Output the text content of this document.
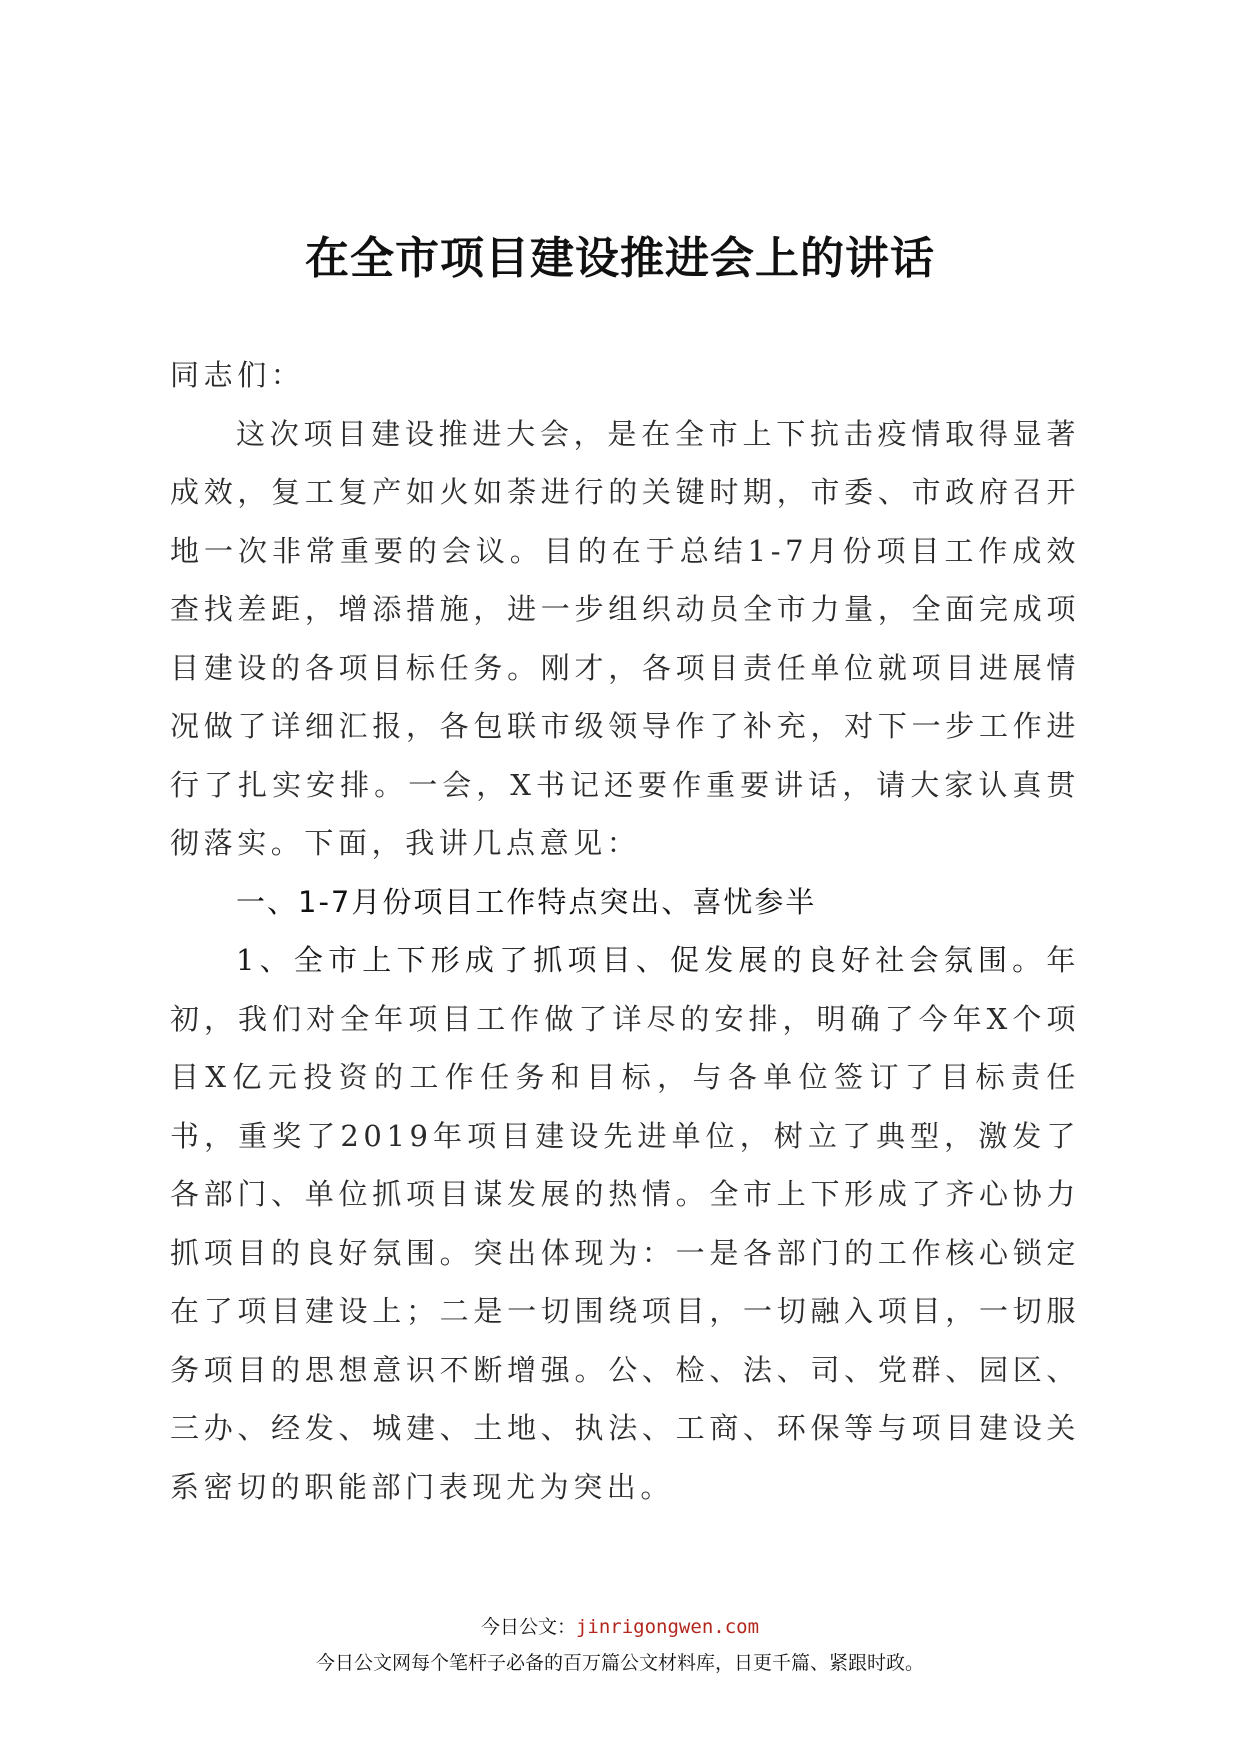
在全市项目建设推进会上的讲话

同志们：

这次项目建设推进大会，是在全市上下抗击疫情取得显著成效，复工复产如火如荼进行的关键时期，市委、市政府召开地一次非常重要的会议。目的在于总结1-7月份项目工作成效查找差距，增添措施，进一步组织动员全市力量，全面完成项目建设的各项目标任务。刚才，各项目责任单位就项目进展情况做了详细汇报，各包联市级领导作了补充，对下一步工作进行了扎实安排。一会，X书记还要作重要讲话，请大家认真贯彻落实。下面，我讲几点意见：

一、1-7月份项目工作特点突出、喜忧参半

1、全市上下形成了抓项目、促发展的良好社会氛围。年初，我们对全年项目工作做了详尽的安排，明确了今年X个项目X亿元投资的工作任务和目标，与各单位签订了目标责任书，重奖了2019年项目建设先进单位，树立了典型，激发了各部门、单位抓项目谋发展的热情。全市上下形成了齐心协力抓项目的良好氛围。突出体现为：一是各部门的工作核心锁定在了项目建设上；二是一切围绕项目，一切融入项目，一切服务项目的思想意识不断增强。公、检、法、司、党群、园区、三办、经发、城建、土地、执法、工商、环保等与项目建设关系密切的职能部门表现尤为突出。

今日公文：jinrigongwen.com
今日公文网每个笔杆子必备的百万篇公文材料库，日更千篇、紧跟时政。
